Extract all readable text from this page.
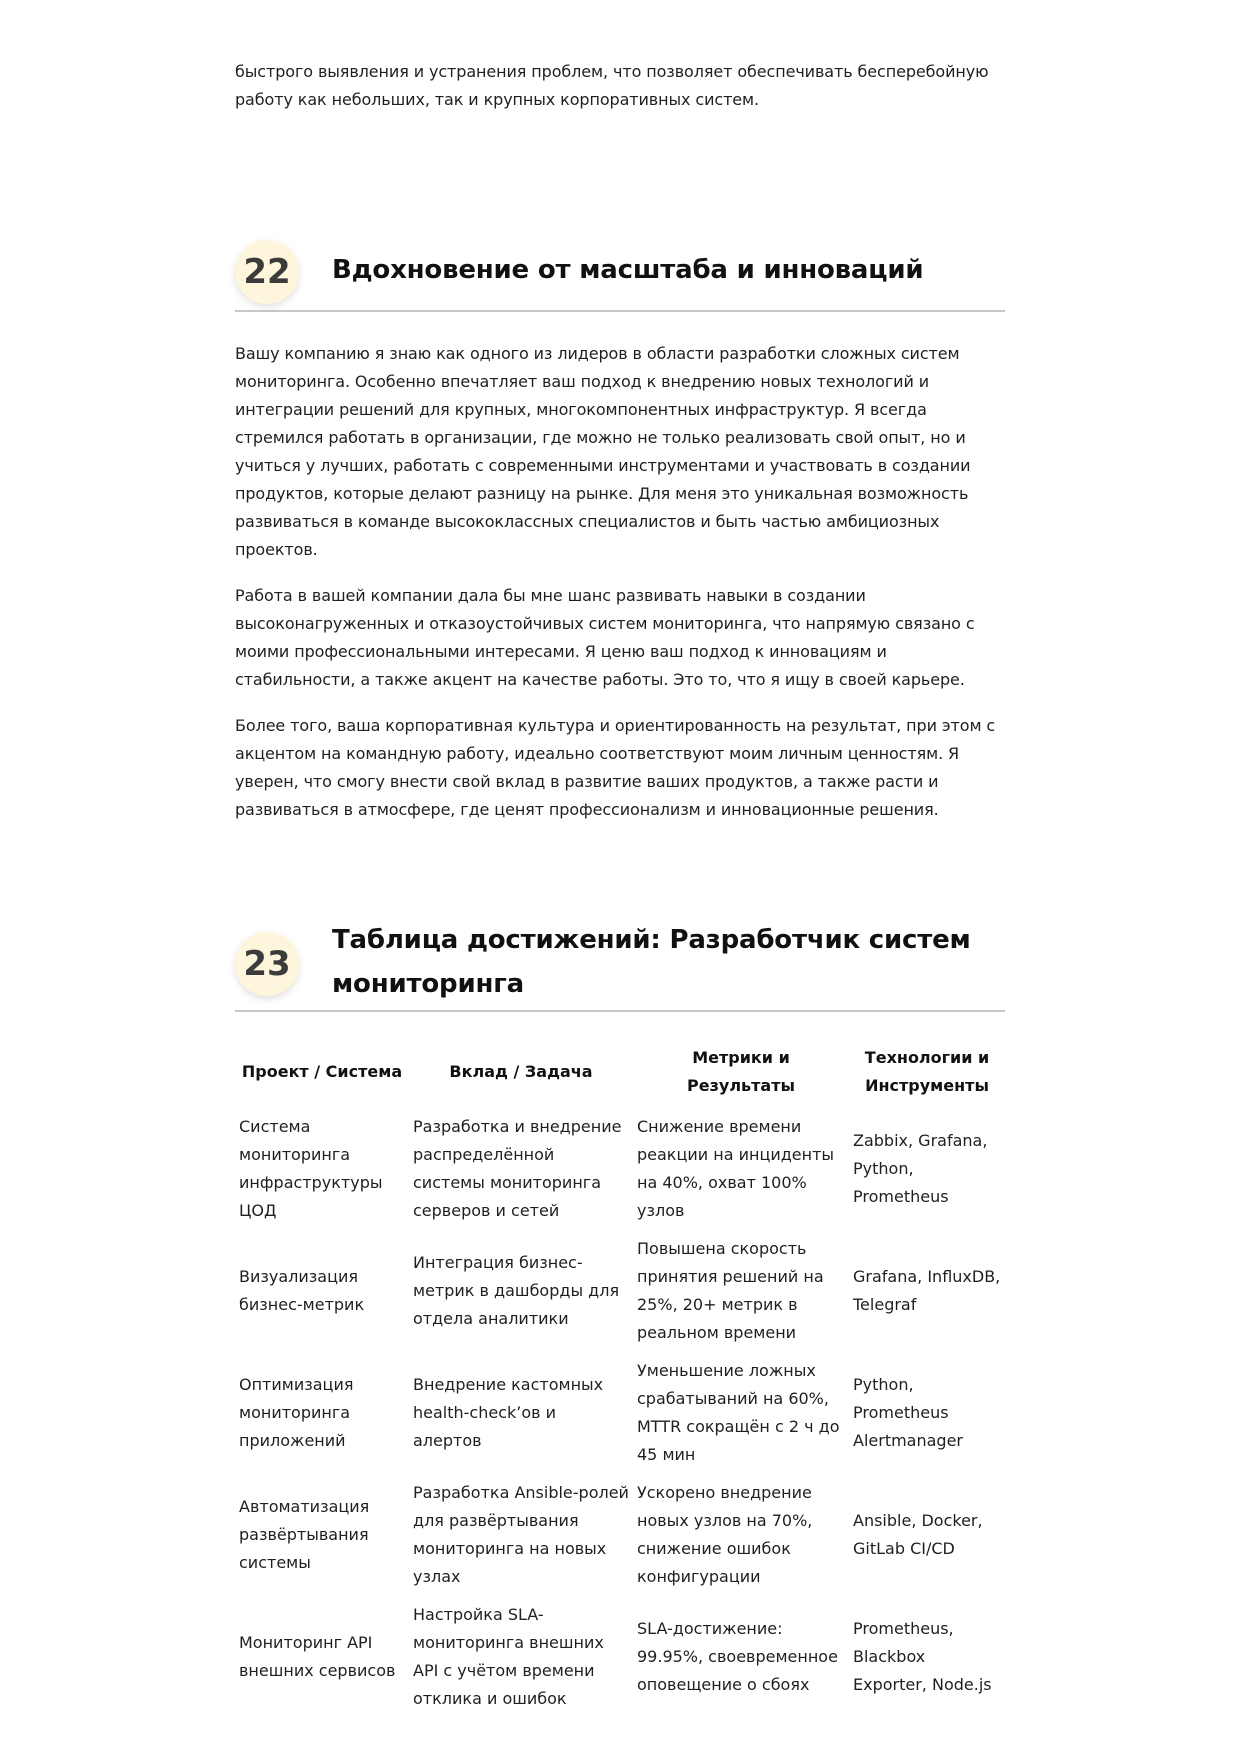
быстрого выявления и устранения проблем, что позволяет обеспечивать бесперебойную работу как небольших, так и крупных корпоративных систем.

22	Вдохновение от масштаба и инноваций

Вашу компанию я знаю как одного из лидеров в области разработки сложных систем мониторинга. Особенно впечатляет ваш подход к внедрению новых технологий и интеграции решений для крупных, многокомпонентных инфраструктур. Я всегда стремился работать в организации, где можно не только реализовать свой опыт, но и учиться у лучших, работать с современными инструментами и участвовать в создании продуктов, которые делают разницу на рынке. Для меня это уникальная возможность развиваться в команде высококлассных специалистов и быть частью амбициозных проектов.

Работа в вашей компании дала бы мне шанс развивать навыки в создании высоконагруженных и отказоустойчивых систем мониторинга, что напрямую связано с моими профессиональными интересами. Я ценю ваш подход к инновациям и стабильности, а также акцент на качестве работы. Это то, что я ищу в своей карьере.

Более того, ваша корпоративная культура и ориентированность на результат, при этом с акцентом на командную работу, идеально соответствуют моим личным ценностям. Я уверен, что смогу внести свой вклад в развитие ваших продуктов, а также расти и развиваться в атмосфере, где ценят профессионализм и инновационные решения.

23
Таблица достижений: Разработчик систем мониторинга
Проект / Система	Вклад / Задача	Метрики и Результаты	Технологии и Инструменты
Система мониторинга инфраструктуры ЦОД	Разработка и внедрение распределённой системы мониторинга серверов и сетей	Снижение времени реакции на инциденты на 40%, охват 100% узлов	Zabbix, Grafana, Python, Prometheus
Визуализация бизнес-метрик	Интеграция бизнес-метрик в дашборды для отдела аналитики	Повышена скорость принятия решений на 25%, 20+ метрик в реальном времени	Grafana, InfluxDB, Telegraf
Оптимизация мониторинга приложений	Внедрение кастомных health-check’ов и алертов	Уменьшение ложных срабатываний на 60%, MTTR сокращён с 2 ч до 45 мин	Python, Prometheus Alertmanager
Автоматизация развёртывания системы	Разработка Ansible-ролей для развёртывания мониторинга на новых узлах	Ускорено внедрение новых узлов на 70%, снижение ошибок конфигурации	Ansible, Docker, GitLab CI/CD
Мониторинг API внешних сервисов	Настройка SLA-мониторинга внешних API с учётом времени отклика и ошибок	SLA-достижение: 99.95%, своевременное оповещение о сбоях	Prometheus, Blackbox Exporter, Node.js
